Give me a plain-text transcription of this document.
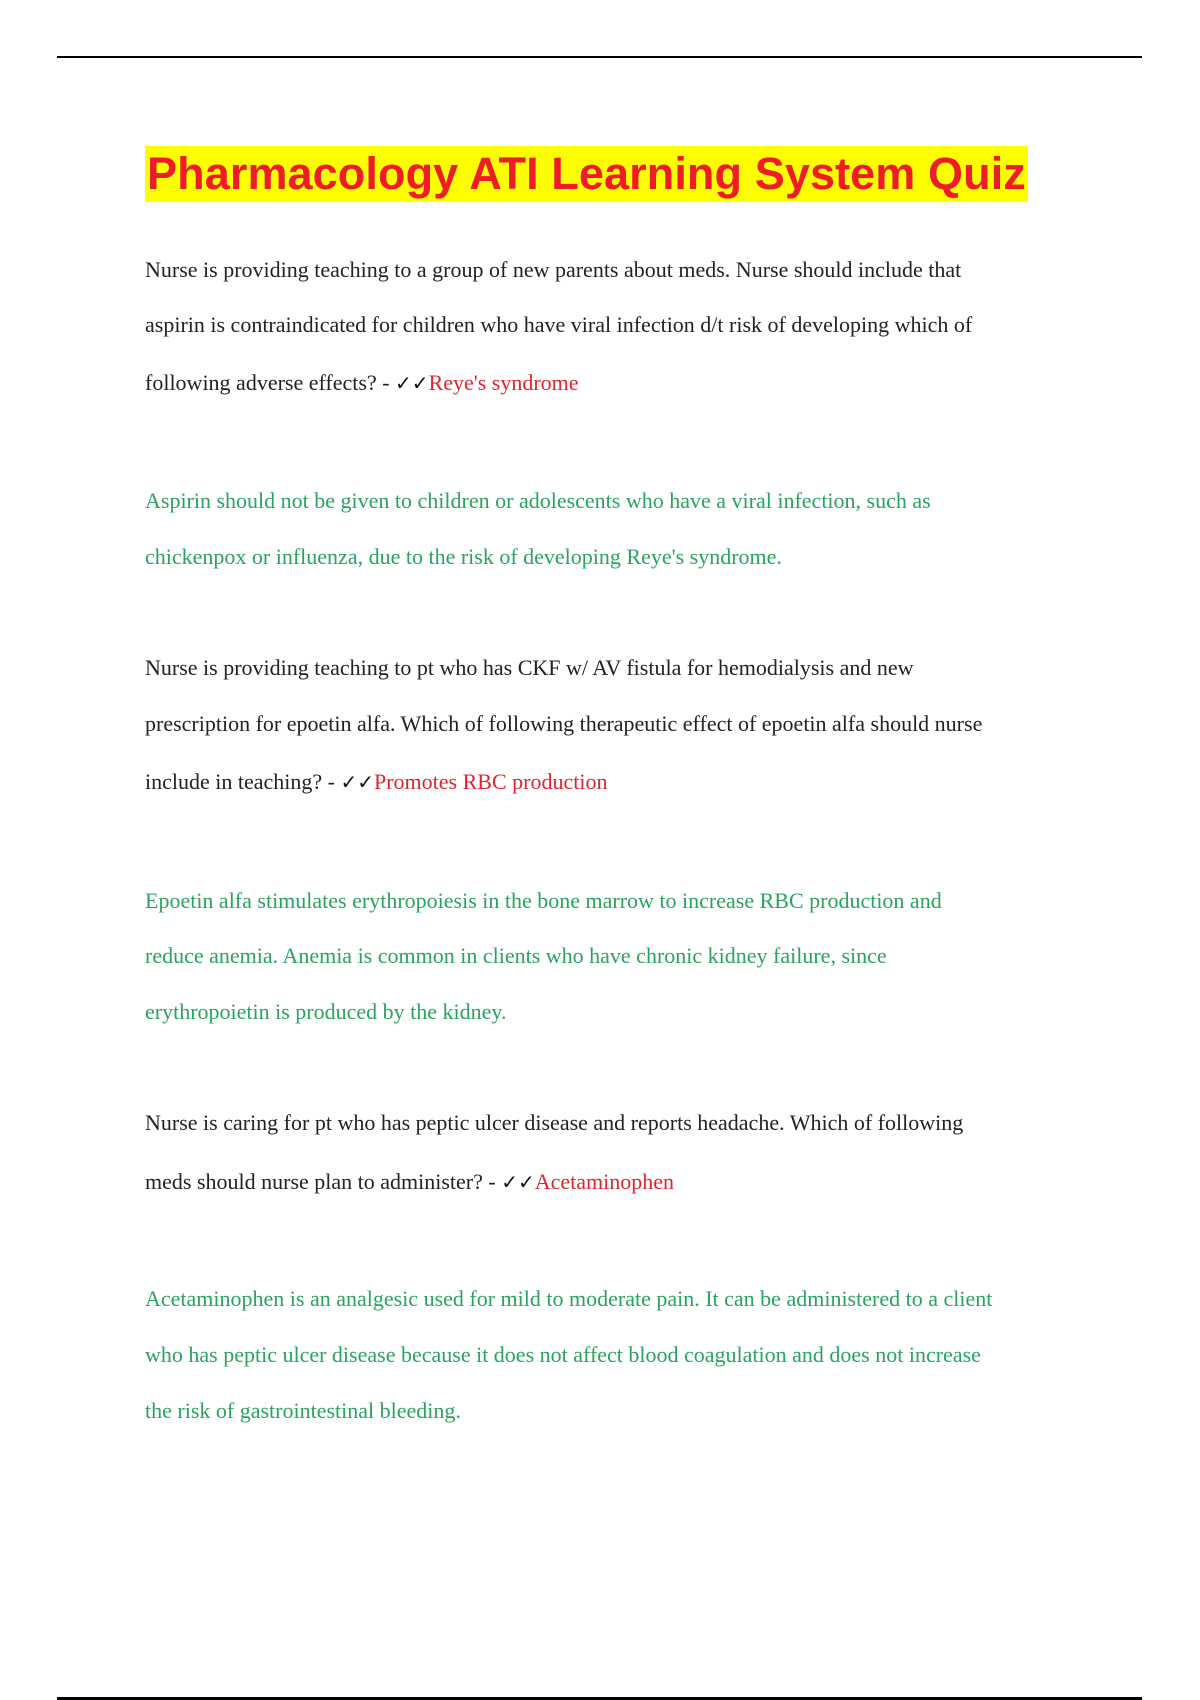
Pharmacology ATI Learning System Quiz
Nurse is providing teaching to a group of new parents about meds. Nurse should include that
aspirin is contraindicated for children who have viral infection d/t risk of developing which of
following adverse effects? - ✓✓Reye's syndrome
Aspirin should not be given to children or adolescents who have a viral infection, such as
chickenpox or influenza, due to the risk of developing Reye's syndrome.
Nurse is providing teaching to pt who has CKF w/ AV fistula for hemodialysis and new
prescription for epoetin alfa. Which of following therapeutic effect of epoetin alfa should nurse
include in teaching? - ✓✓Promotes RBC production
Epoetin alfa stimulates erythropoiesis in the bone marrow to increase RBC production and
reduce anemia. Anemia is common in clients who have chronic kidney failure, since
erythropoietin is produced by the kidney.
Nurse is caring for pt who has peptic ulcer disease and reports headache. Which of following
meds should nurse plan to administer? - ✓✓Acetaminophen
Acetaminophen is an analgesic used for mild to moderate pain. It can be administered to a client
who has peptic ulcer disease because it does not affect blood coagulation and does not increase
the risk of gastrointestinal bleeding.
